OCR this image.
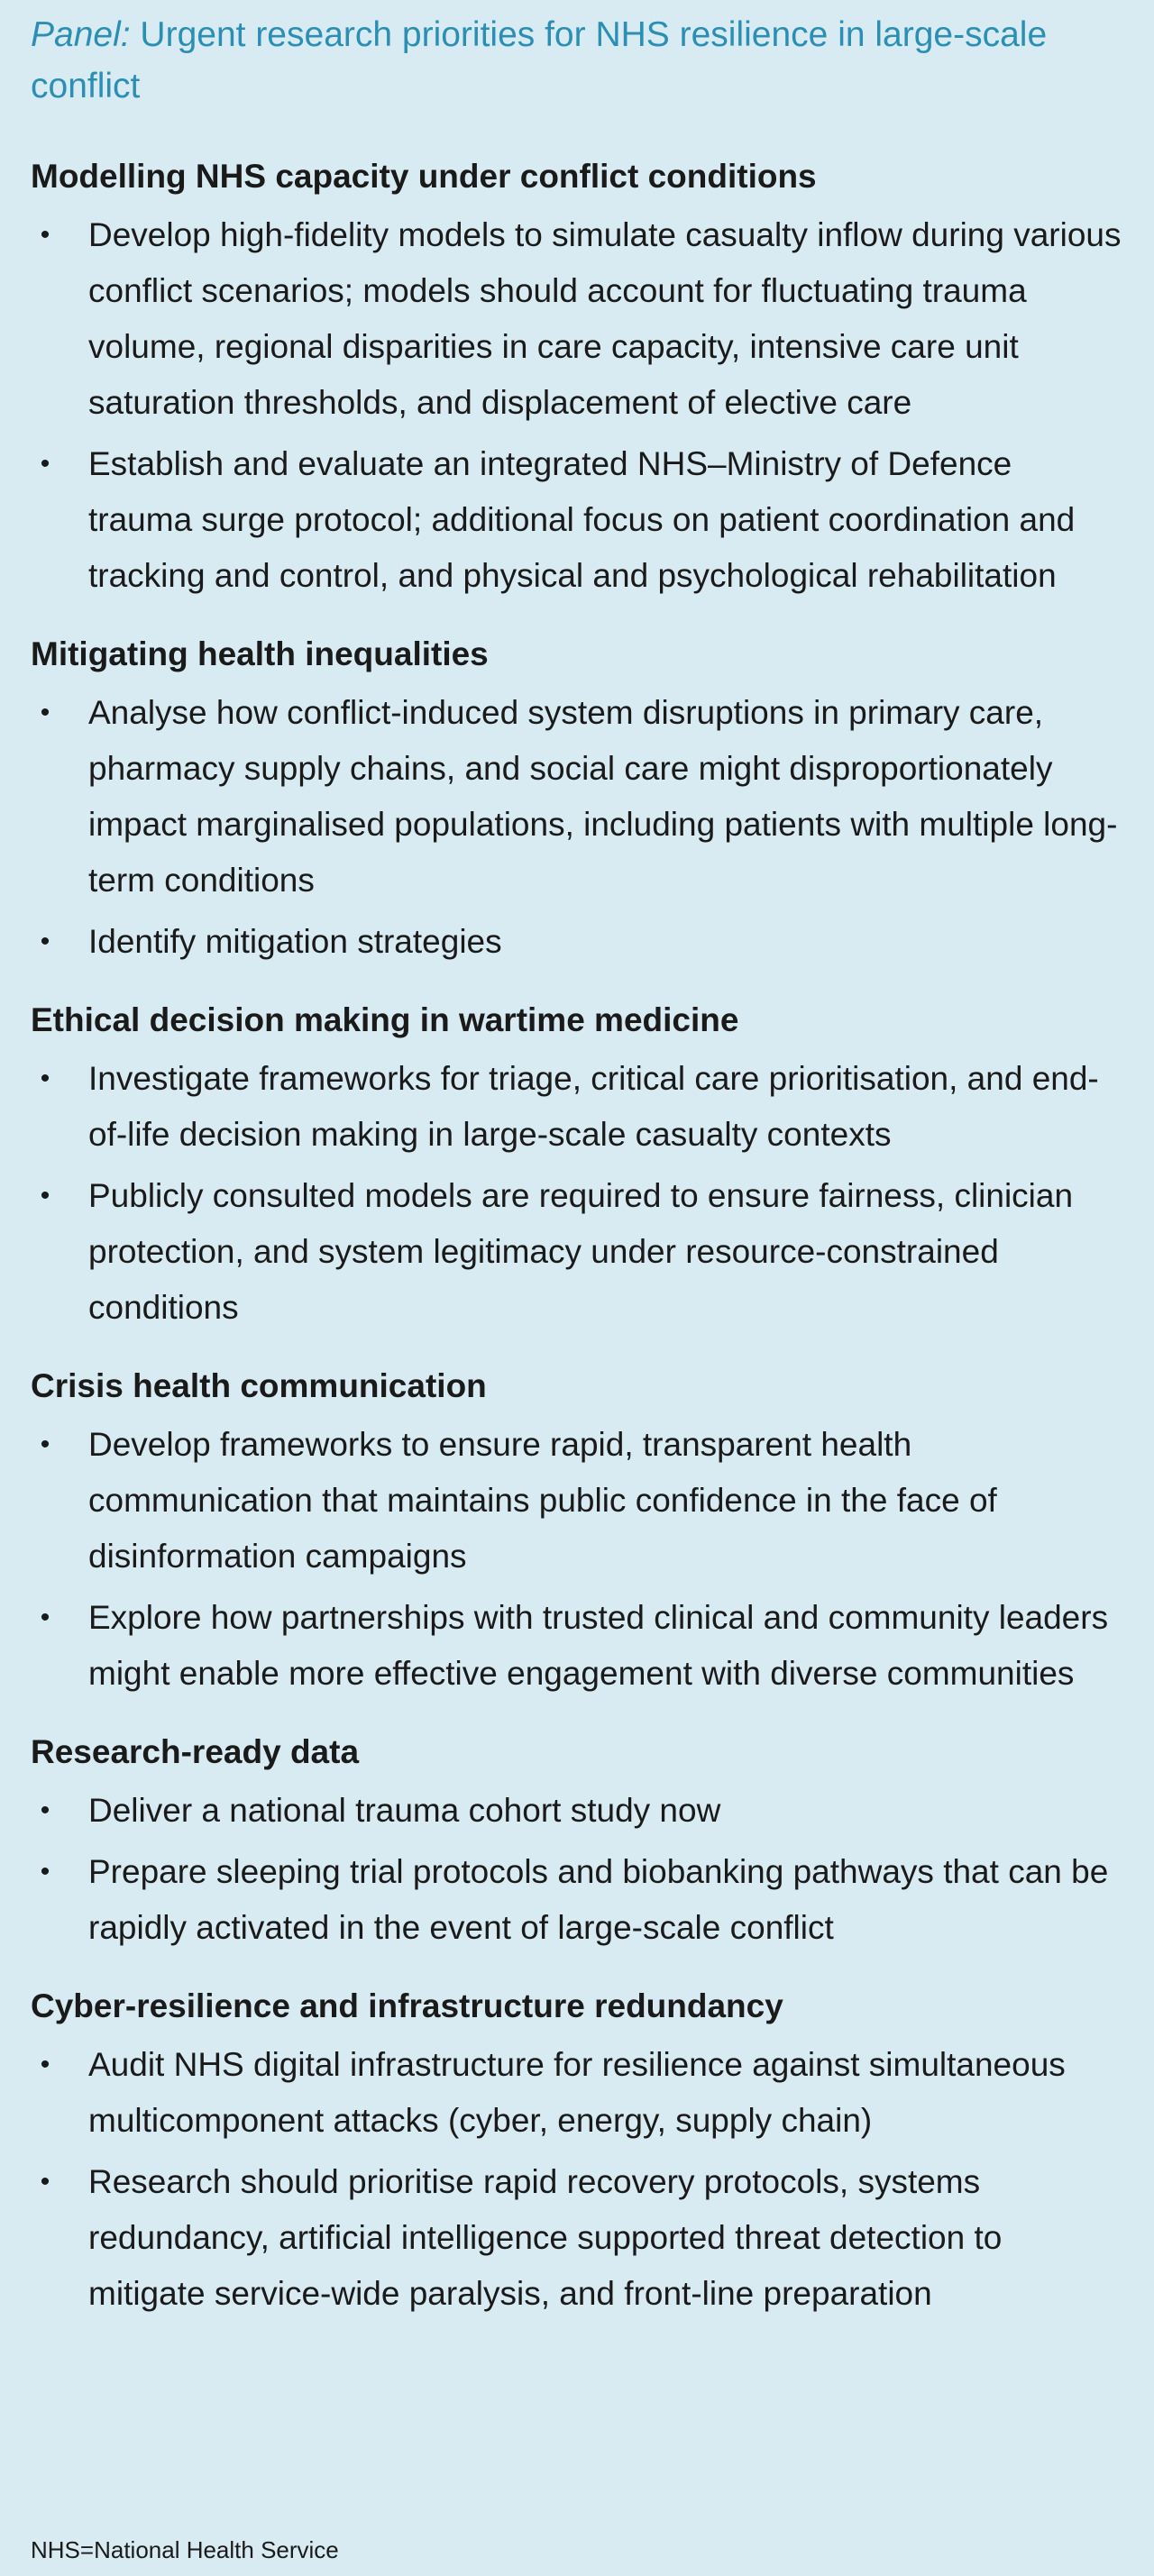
Panel: Urgent research priorities for NHS resilience in large-scale conflict
Modelling NHS capacity under conflict conditions
• Develop high-fidelity models to simulate casualty inflow during various conflict scenarios; models should account for fluctuating trauma volume, regional disparities in care capacity, intensive care unit saturation thresholds, and displacement of elective care
• Establish and evaluate an integrated NHS–Ministry of Defence trauma surge protocol; additional focus on patient coordination and tracking and control, and physical and psychological rehabilitation
Mitigating health inequalities
• Analyse how conflict-induced system disruptions in primary care, pharmacy supply chains, and social care might disproportionately impact marginalised populations, including patients with multiple long-term conditions
• Identify mitigation strategies
Ethical decision making in wartime medicine
• Investigate frameworks for triage, critical care prioritisation, and end-of-life decision making in large-scale casualty contexts
• Publicly consulted models are required to ensure fairness, clinician protection, and system legitimacy under resource-constrained conditions
Crisis health communication
• Develop frameworks to ensure rapid, transparent health communication that maintains public confidence in the face of disinformation campaigns
• Explore how partnerships with trusted clinical and community leaders might enable more effective engagement with diverse communities
Research-ready data
• Deliver a national trauma cohort study now
• Prepare sleeping trial protocols and biobanking pathways that can be rapidly activated in the event of large-scale conflict
Cyber-resilience and infrastructure redundancy
• Audit NHS digital infrastructure for resilience against simultaneous multicomponent attacks (cyber, energy, supply chain)
• Research should prioritise rapid recovery protocols, systems redundancy, artificial intelligence supported threat detection to mitigate service-wide paralysis, and front-line preparation
NHS=National Health Service
